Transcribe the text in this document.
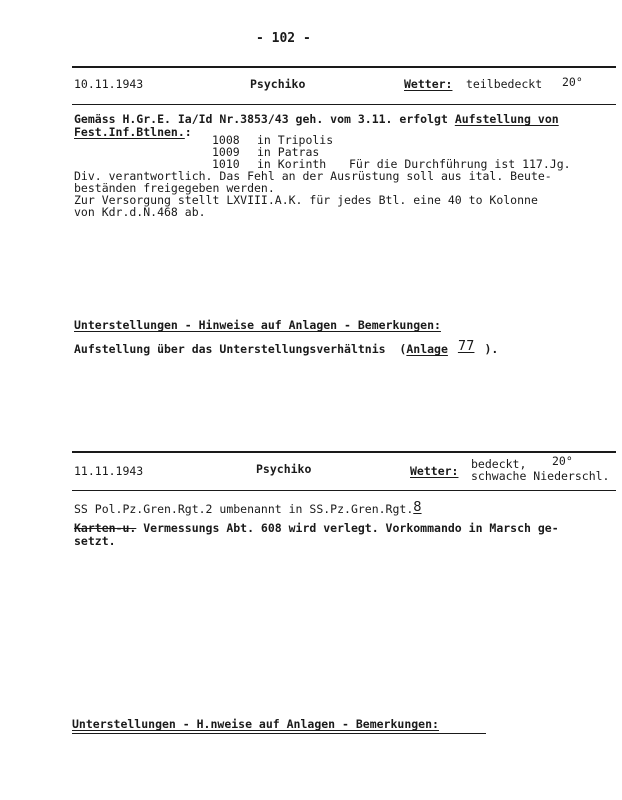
- 102 -
10.11.1943	Psychiko	Wetter: teilbedeckt 20°
Gemäss H.Gr.E. Ia/Id Nr.3853/43 geh. vom 3.11. erfolgt Aufstellung von
Fest.Inf.Btlnen.:
1008 in Tripolis
1009 in Patras
1010 in Korinth Für die Durchführung ist 117.Jg.
Div. verantwortlich. Das Fehl an der Ausrüstung soll aus ital. Beute-
beständen freigegeben werden.
Zur Versorgung stellt LXVIII.A.K. für jedes Btl. eine 40 to Kolonne
von Kdr.d.N.468 ab.
Unterstellungen - Hinweise auf Anlagen - Bemerkungen:
Aufstellung über das Unterstellungsverhältnis (Anlage 77 ).
11.11.1943	Psychiko	Wetter: bedeckt, 20°
schwache Niederschl.
SS Pol.Pz.Gren.Rgt.2 umbenannt in SS.Pz.Gren.Rgt.8
Karten-u. Vermessungs Abt. 608 wird verlegt. Vorkommando in Marsch ge-
setzt.
Unterstellungen - H.nweise auf Anlagen - Bemerkungen:
